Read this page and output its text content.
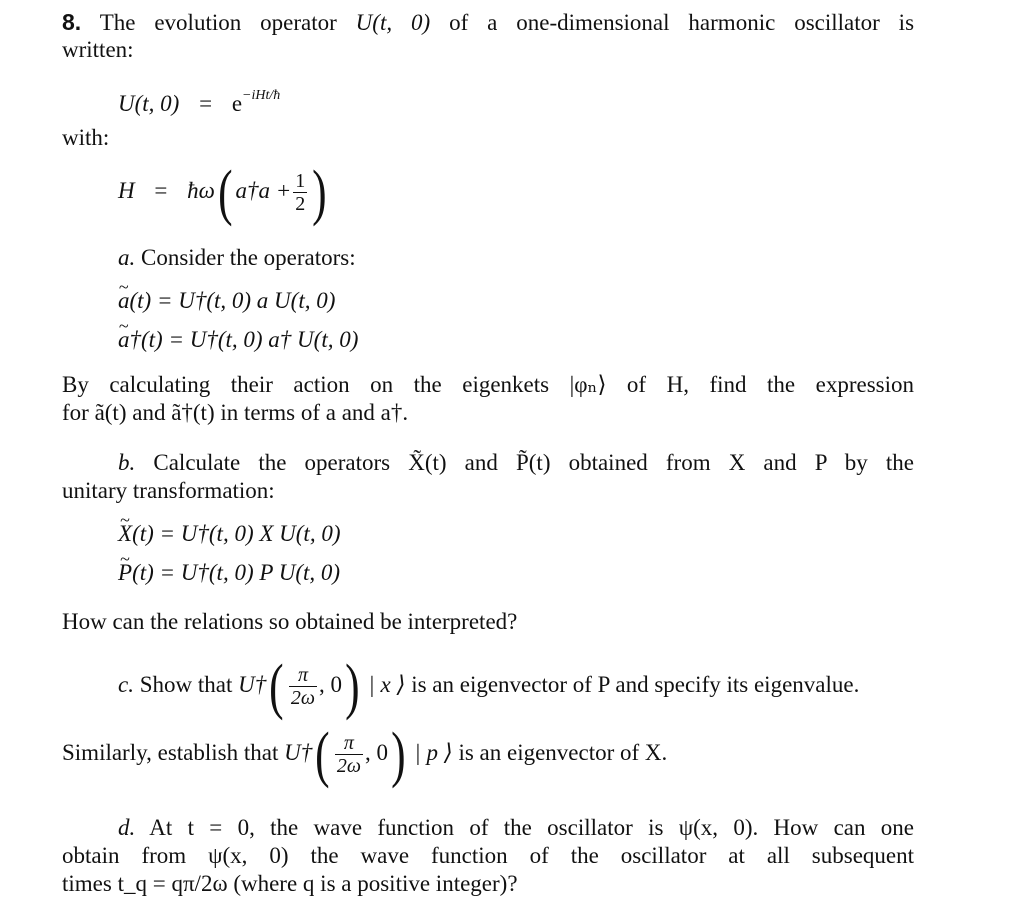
8. The evolution operator U(t, 0) of a one-dimensional harmonic oscillator is
written:
U(t, $0) = e^{-iHt/ħ}$
with:
H = ħω( a†a + $\frac{1}{2}$ )
a. Consider the operators:
~ a(t) = U†(t, 0) a U(t, 0)
~ a†(t) = U†(t, 0) a† U(t, 0)
By calculating their action on the eigenkets |φₙ⟩ of H, find the expression
for ã(t) and ã†(t) in terms of a and a†.
b. Calculate the operators X̃(t) and P̃(t) obtained from X and P by the
unitary transformation:
~ X(t) = U†(t, 0) X U(t, 0)
~ P(t) = U†(t, 0) P U(t, 0)
How can the relations so obtained be interpreted?
c. Show that U†( $\frac{\pi}{2\omega}$ , 0) | x ⟩ is an eigenvector of P and specify its eigenvalue.
Similarly, establish that U†( $\frac{\pi}{2\omega}$ , 0) | p ⟩ is an eigenvector of X.
d. At t = 0, the wave function of the oscillator is ψ(x, 0). How can one
obtain from ψ(x, 0) the wave function of the oscillator at all subsequent
times t_q = qπ/2ω (where q is a positive integer)?
